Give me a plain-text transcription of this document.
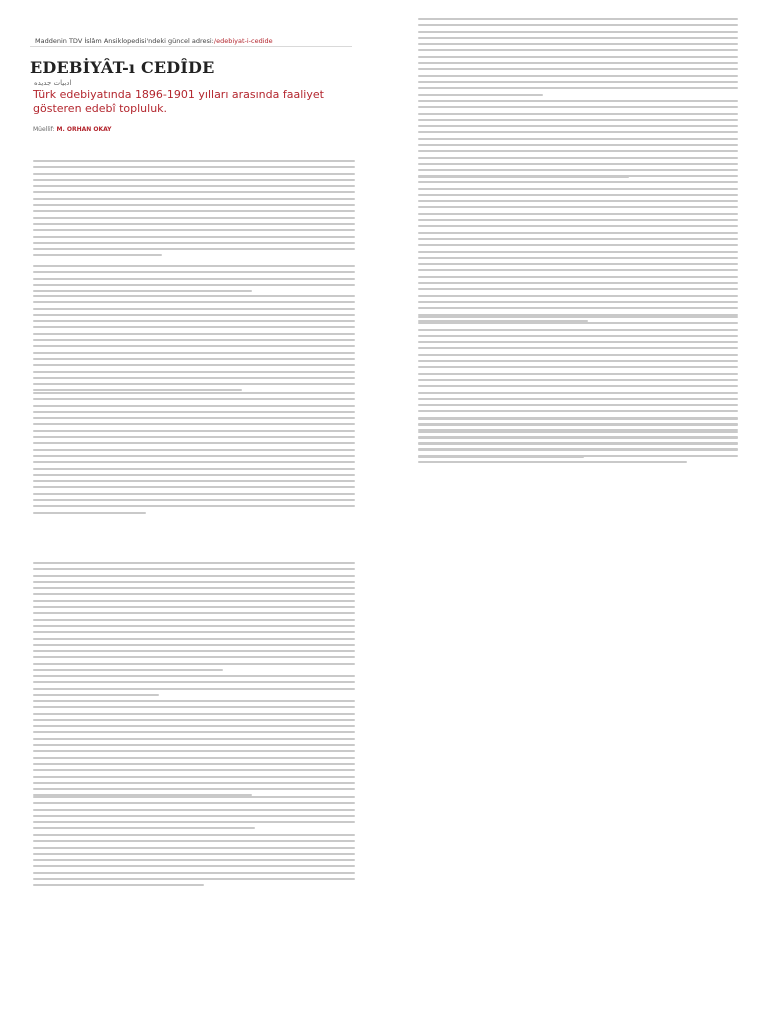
Maddenin TDV İslâm Ansiklopedisi'ndeki güncel adresi:/edebiyat-i-cedide
EDEBİYÂT-ı CEDÎDE
ادبيات جديده
Türk edebiyatında 1896-1901 yılları arasında faaliyet gösteren edebî topluluk.
Müellif: M. ORHAN OKAY
